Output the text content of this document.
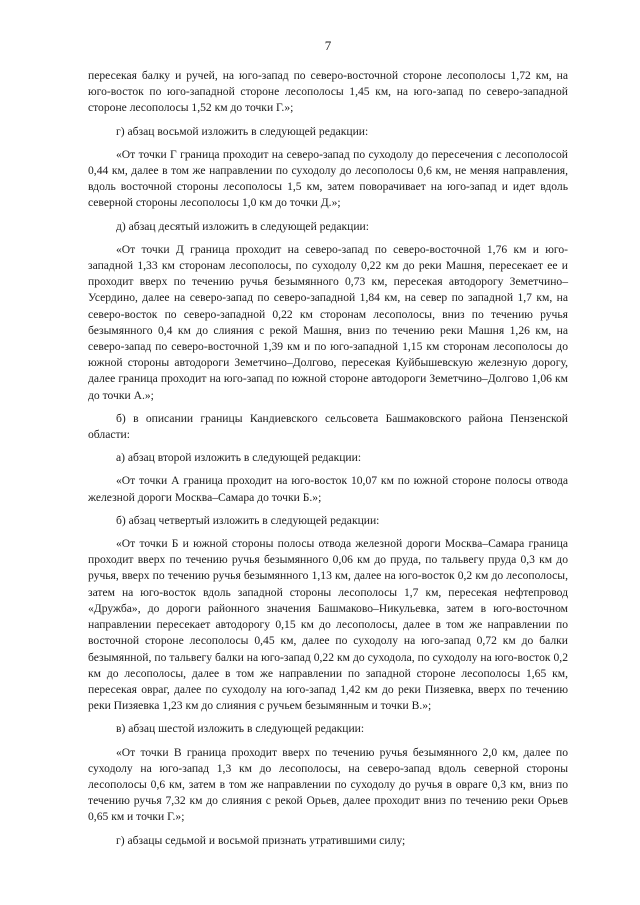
7

пересекая балку и ручей, на юго-запад по северо-восточной стороне лесополосы 1,72 км, на юго-восток по юго-западной стороне лесополосы 1,45 км, на юго-запад по северо-западной стороне лесополосы 1,52 км до точки Г.»;

г) абзац восьмой изложить в следующей редакции:

«От точки Г граница проходит на северо-запад по суходолу до пересечения с лесополосой 0,44 км, далее в том же направлении по суходолу до лесополосы 0,6 км, не меняя направления, вдоль восточной стороны лесополосы 1,5 км, затем поворачивает на юго-запад и идет вдоль северной стороны лесополосы 1,0 км до точки Д.»;

д) абзац десятый изложить в следующей редакции:

«От точки Д граница проходит на северо-запад по северо-восточной 1,76 км и юго-западной 1,33 км сторонам лесополосы, по суходолу 0,22 км до реки Машня, пересекает ее и проходит вверх по течению ручья безымянного 0,73 км, пересекая автодорогу Земетчино–Усердино, далее на северо-запад по северо-западной 1,84 км, на север по западной 1,7 км, на северо-восток по северо-западной 0,22 км сторонам лесополосы, вниз по течению ручья безымянного 0,4 км до слияния с рекой Машня, вниз по течению реки Машня 1,26 км, на северо-запад по северо-восточной 1,39 км и по юго-западной 1,15 км сторонам лесополосы до южной стороны автодороги Земетчино–Долгово, пересекая Куйбышевскую железную дорогу, далее граница проходит на юго-запад по южной стороне автодороги Земетчино–Долгово 1,06 км до точки А.»;

б) в описании границы Кандиевского сельсовета Башмаковского района Пензенской области:

а) абзац второй изложить в следующей редакции:

«От точки А граница проходит на юго-восток 10,07 км по южной стороне полосы отвода железной дороги Москва–Самара до точки Б.»;

б) абзац четвертый изложить в следующей редакции:

«От точки Б и южной стороны полосы отвода железной дороги Москва–Самара граница проходит вверх по течению ручья безымянного 0,06 км до пруда, по тальвегу пруда 0,3 км до ручья, вверх по течению ручья безымянного 1,13 км, далее на юго-восток 0,2 км до лесополосы, затем на юго-восток вдоль западной стороны лесополосы 1,7 км, пересекая нефтепровод «Дружба», до дороги районного значения Башмаково–Никульевка, затем в юго-восточном направлении пересекает автодорогу 0,15 км до лесополосы, далее в том же направлении по восточной стороне лесополосы 0,45 км, далее по суходолу на юго-запад 0,72 км до балки безымянной, по тальвегу балки на юго-запад 0,22 км до суходола, по суходолу на юго-восток 0,2 км до лесополосы, далее в том же направлении по западной стороне лесополосы 1,65 км, пересекая овраг, далее по суходолу на юго-запад 1,42 км до реки Пизяевка, вверх по течению реки Пизяевка 1,23 км до слияния с ручьем безымянным и точки В.»;

в) абзац шестой изложить в следующей редакции:

«От точки В граница проходит вверх по течению ручья безымянного 2,0 км, далее по суходолу на юго-запад 1,3 км до лесополосы, на северо-запад вдоль северной стороны лесополосы 0,6 км, затем в том же направлении по суходолу до ручья в овраге 0,3 км, вниз по течению ручья 7,32 км до слияния с рекой Орьев, далее проходит вниз по течению реки Орьев 0,65 км и точки Г.»;

г) абзацы седьмой и восьмой признать утратившими силу;
